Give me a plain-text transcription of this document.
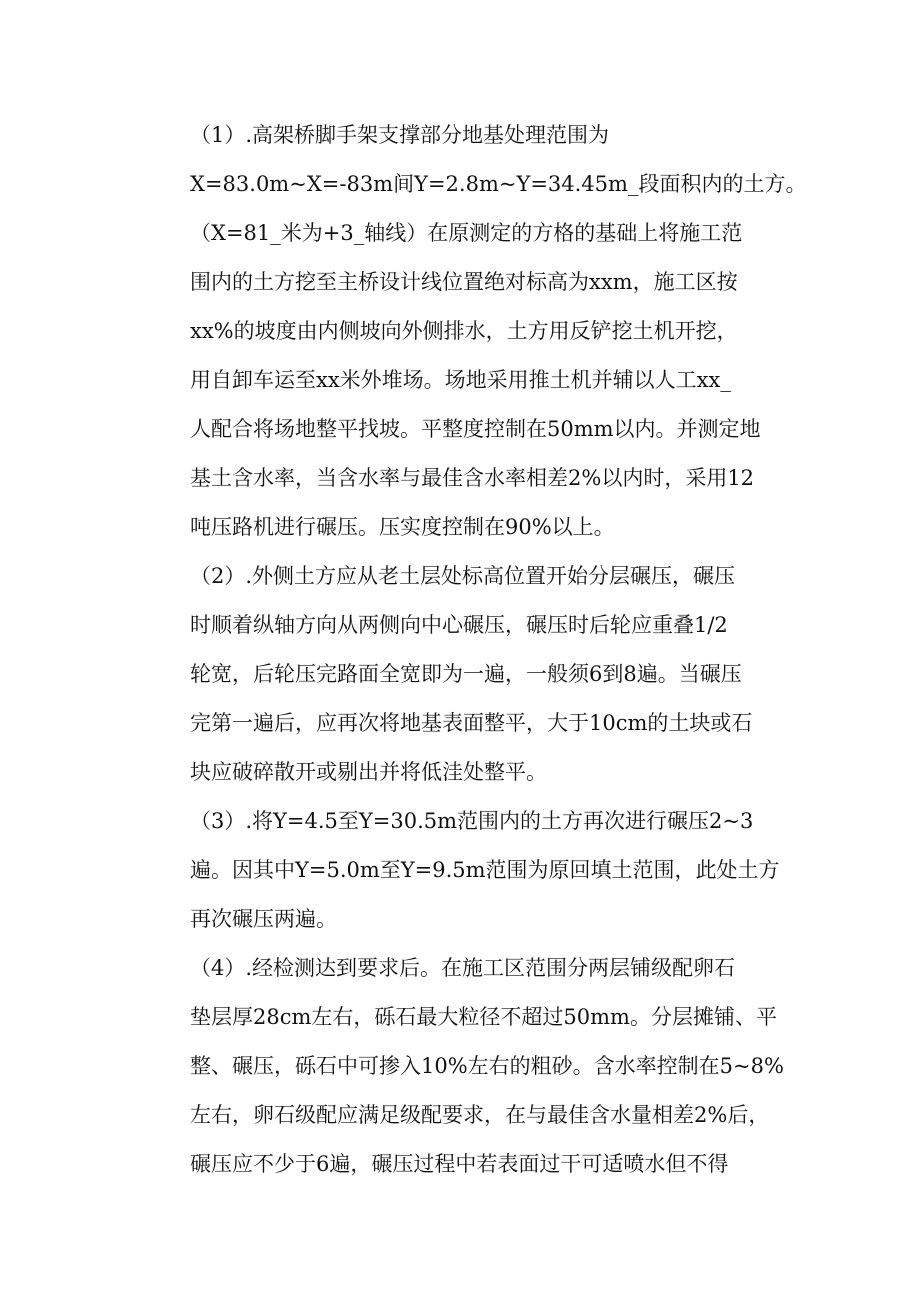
（1）.高架桥脚手架支撑部分地基处理范围为
X=83.0m~X=-83m间Y=2.8m~Y=34.45m_段面积内的土方。
（X=81_米为+3_轴线）在原测定的方格的基础上将施工范
围内的土方挖至主桥设计线位置绝对标高为xxm，施工区按
xx%的坡度由内侧坡向外侧排水，土方用反铲挖土机开挖，
用自卸车运至xx米外堆场。场地采用推土机并辅以人工xx_
人配合将场地整平找坡。平整度控制在50mm以内。并测定地
基土含水率，当含水率与最佳含水率相差2%以内时，采用12
吨压路机进行碾压。压实度控制在90%以上。
（2）.外侧土方应从老土层处标高位置开始分层碾压，碾压
时顺着纵轴方向从两侧向中心碾压，碾压时后轮应重叠1/2
轮宽，后轮压完路面全宽即为一遍，一般须6到8遍。当碾压
完第一遍后，应再次将地基表面整平，大于10cm的土块或石
块应破碎散开或剔出并将低洼处整平。
（3）.将Y=4.5至Y=30.5m范围内的土方再次进行碾压2~3
遍。因其中Y=5.0m至Y=9.5m范围为原回填土范围，此处土方
再次碾压两遍。
（4）.经检测达到要求后。在施工区范围分两层铺级配卵石
垫层厚28cm左右，砾石最大粒径不超过50mm。分层摊铺、平
整、碾压，砾石中可掺入10%左右的粗砂。含水率控制在5~8%
左右，卵石级配应满足级配要求，在与最佳含水量相差2%后，
碾压应不少于6遍，碾压过程中若表面过干可适喷水但不得
